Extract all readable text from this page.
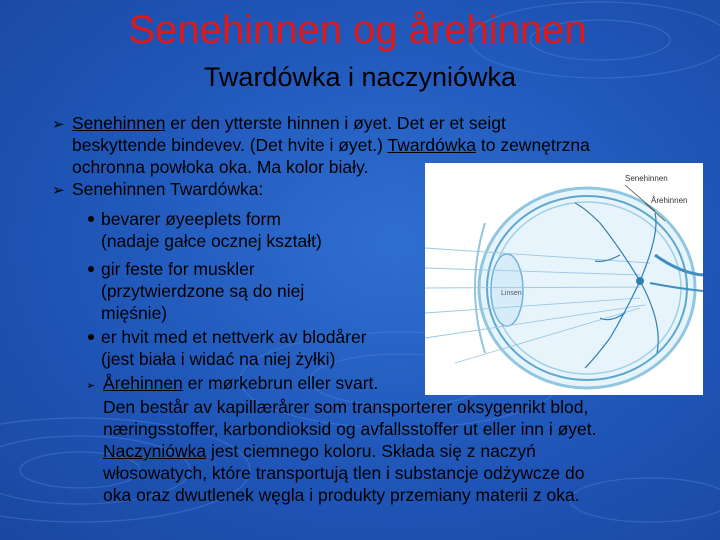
Senehinnen og årehinnen
Twardówka i naczyniówka
Senehinnen
Årehinnen
Linsen
➢ Senehinnen er den ytterste hinnen i øyet. Det er et seigt
beskyttende bindevev. (Det hvite i øyet.) Twardówka to zewnętrzna
ochronna powłoka oka. Ma kolor biały.
➢ Senehinnen Twardówka:
bevarer øyeeplets form
(nadaje gałce ocznej kształt)
gir feste for muskler
(przytwierdzone są do niej
mięśnie)
er hvit med et nettverk av blodårer
(jest biała i widać na niej żyłki)
➢ Årehinnen er mørkebrun eller svart.
Den består av kapillærårer som transporterer oksygenrikt blod,
næringsstoffer, karbondioksid og avfallsstoffer ut eller inn i øyet.
Naczyniówka jest ciemnego koloru. Składa się z naczyń
włosowatych, które transportują tlen i substancje odżywcze do
oka oraz dwutlenek węgla i produkty przemiany materii z oka.
